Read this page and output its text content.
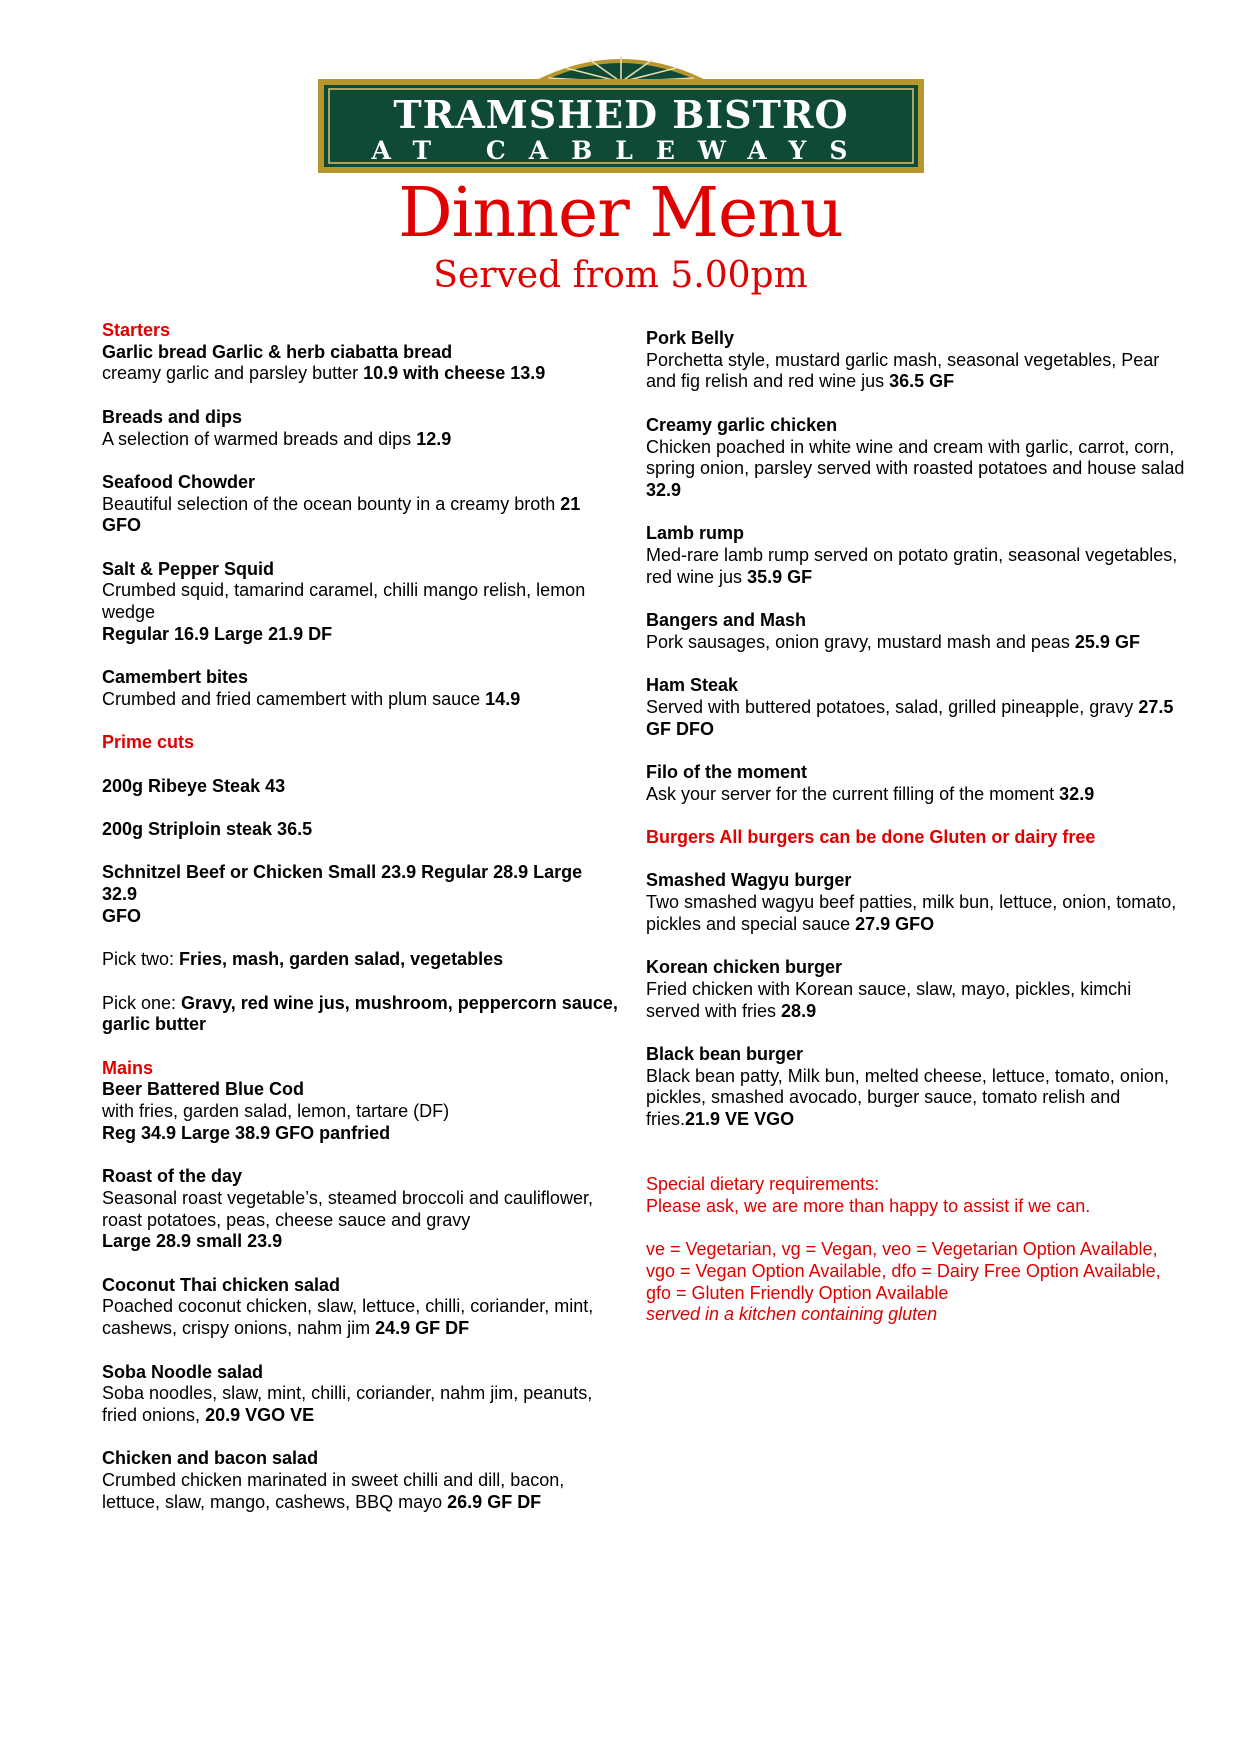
TRAMSHED BISTRO
AT CABLEWAYS
Dinner Menu
Served from 5.00pm

Starters

Garlic bread Garlic & herb ciabatta bread

creamy garlic and parsley butter 10.9 with cheese 13.9

Breads and dips

A selection of warmed breads and dips 12.9

Seafood Chowder

Beautiful selection of the ocean bounty in a creamy broth 21

GFO

Salt & Pepper Squid

Crumbed squid, tamarind caramel, chilli mango relish, lemon wedge

Regular 16.9 Large 21.9 DF

Camembert bites

Crumbed and fried camembert with plum sauce 14.9

Prime cuts

200g Ribeye Steak 43

200g Striploin steak 36.5

Schnitzel Beef or Chicken Small 23.9 Regular 28.9 Large 32.9

GFO

Pick two: Fries, mash, garden salad, vegetables

Pick one: Gravy, red wine jus, mushroom, peppercorn sauce, garlic butter

Mains

Beer Battered Blue Cod

with fries, garden salad, lemon, tartare (DF)

Reg 34.9 Large 38.9 GFO panfried

Roast of the day

Seasonal roast vegetable’s, steamed broccoli and cauliflower, roast potatoes, peas, cheese sauce and gravy

Large 28.9 small 23.9

Coconut Thai chicken salad

Poached coconut chicken, slaw, lettuce, chilli, coriander, mint, cashews, crispy onions, nahm jim 24.9 GF DF

Soba Noodle salad

Soba noodles, slaw, mint, chilli, coriander, nahm jim, peanuts, fried onions, 20.9 VGO VE

Chicken and bacon salad

Crumbed chicken marinated in sweet chilli and dill, bacon, lettuce, slaw, mango, cashews, BBQ mayo 26.9 GF DF

Pork Belly

Porchetta style, mustard garlic mash, seasonal vegetables, Pear and fig relish and red wine jus 36.5 GF

Creamy garlic chicken

Chicken poached in white wine and cream with garlic, carrot, corn, spring onion, parsley served with roasted potatoes and house salad 32.9

Lamb rump

Med-rare lamb rump served on potato gratin, seasonal vegetables, red wine jus 35.9 GF

Bangers and Mash

Pork sausages, onion gravy, mustard mash and peas 25.9 GF

Ham Steak

Served with buttered potatoes, salad, grilled pineapple, gravy 27.5 GF DFO

Filo of the moment

Ask your server for the current filling of the moment 32.9

Burgers All burgers can be done Gluten or dairy free

Smashed Wagyu burger

Two smashed wagyu beef patties, milk bun, lettuce, onion, tomato, pickles and special sauce 27.9 GFO

Korean chicken burger

Fried chicken with Korean sauce, slaw, mayo, pickles, kimchi served with fries 28.9

Black bean burger

Black bean patty, Milk bun, melted cheese, lettuce, tomato, onion, pickles, smashed avocado, burger sauce, tomato relish and fries.21.9 VE VGO

Special dietary requirements:

Please ask, we are more than happy to assist if we can.

ve = Vegetarian, vg = Vegan, veo = Vegetarian Option Available,

vgo = Vegan Option Available, dfo = Dairy Free Option Available,

gfo = Gluten Friendly Option Available

served in a kitchen containing gluten
